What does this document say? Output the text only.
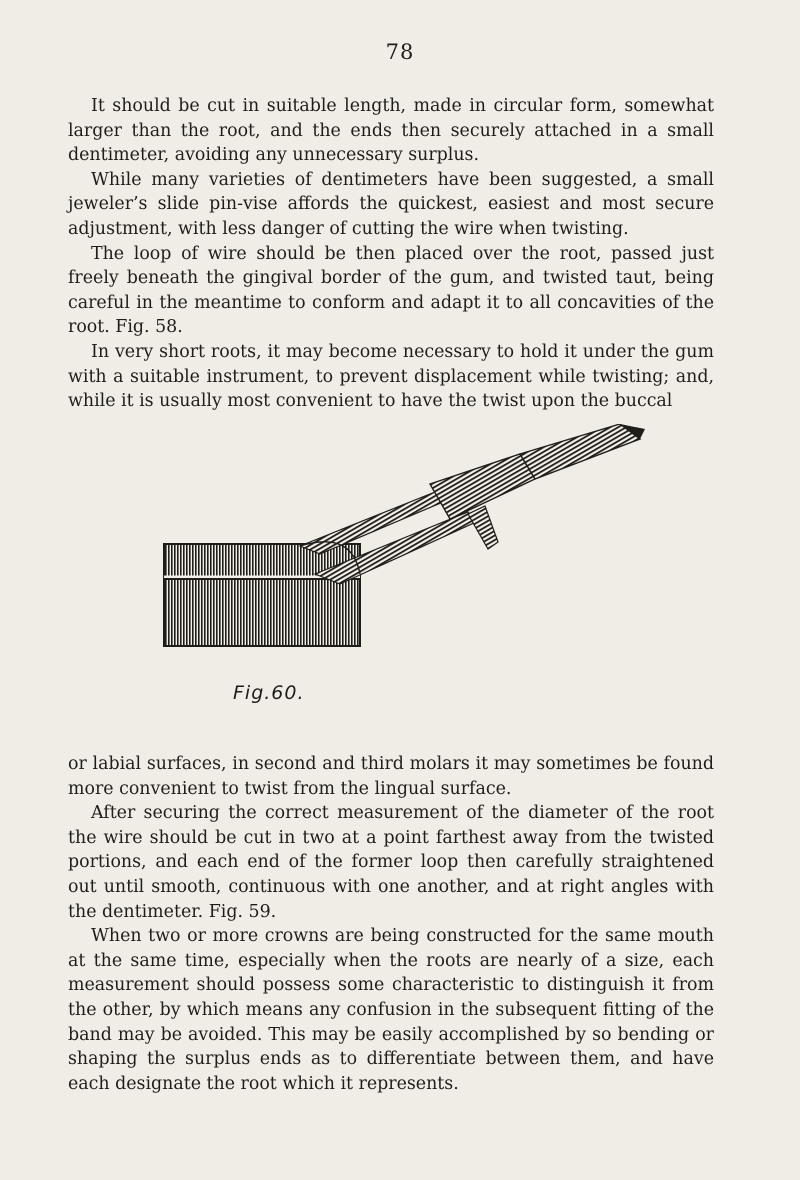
78

It should be cut in suitable length, made in circular form, somewhat larger than the root, and the ends then securely attached in a small dentimeter, avoiding any unnecessary surplus.

While many varieties of dentimeters have been suggested, a small jeweler’s slide pin-vise affords the quickest, easiest and most secure adjustment, with less danger of cutting the wire when twisting.

The loop of wire should be then placed over the root, passed just freely beneath the gingival border of the gum, and twisted taut, being careful in the meantime to conform and adapt it to all concavities of the root. Fig. 58.

In very short roots, it may become necessary to hold it under the gum with a suitable instrument, to prevent displacement while twisting; and, while it is usually most convenient to have the twist upon the buccal

Fig.60.

or labial surfaces, in second and third molars it may sometimes be found more convenient to twist from the lingual surface.

After securing the correct measurement of the diameter of the root the wire should be cut in two at a point farthest away from the twisted portions, and each end of the former loop then carefully straightened out until smooth, continuous with one another, and at right angles with the dentimeter. Fig. 59.

When two or more crowns are being constructed for the same mouth at the same time, especially when the roots are nearly of a size, each measurement should possess some characteristic to distinguish it from the other, by which means any confusion in the subsequent fitting of the band may be avoided. This may be easily accomplished by so bending or shaping the surplus ends as to differentiate between them, and have each designate the root which it represents.
